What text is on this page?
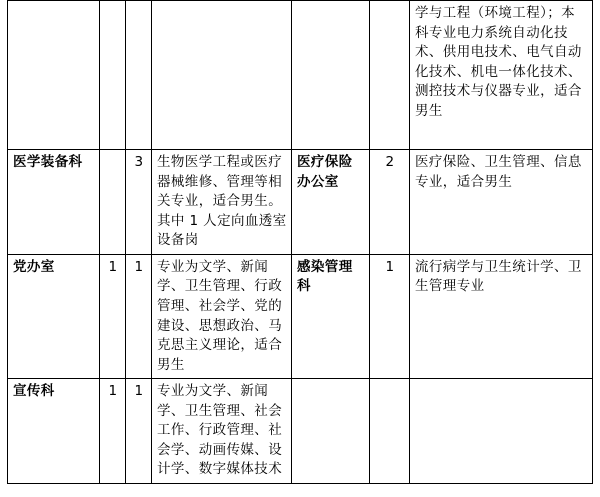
						学与工程（环境工程）；本科专业电力系统自动化技术、供用电技术、电气自动化技术、机电一体化技术、测控技术与仪器专业，适合男生
医学装备科		3	生物医学工程或医疗器械维修、管理等相关专业，适合男生。其中 1 人定向血透室设备岗	医疗保险办公室	2	医疗保险、卫生管理、信息专业，适合男生
党办室	1	1	专业为文学、新闻学、卫生管理、行政管理、社会学、党的建设、思想政治、马克思主义理论，适合男生	感染管理科	1	流行病学与卫生统计学、卫生管理专业
宣传科	1	1	专业为文学、新闻学、卫生管理、社会工作、行政管理、社会学、动画传媒、设计学、数字媒体技术			
